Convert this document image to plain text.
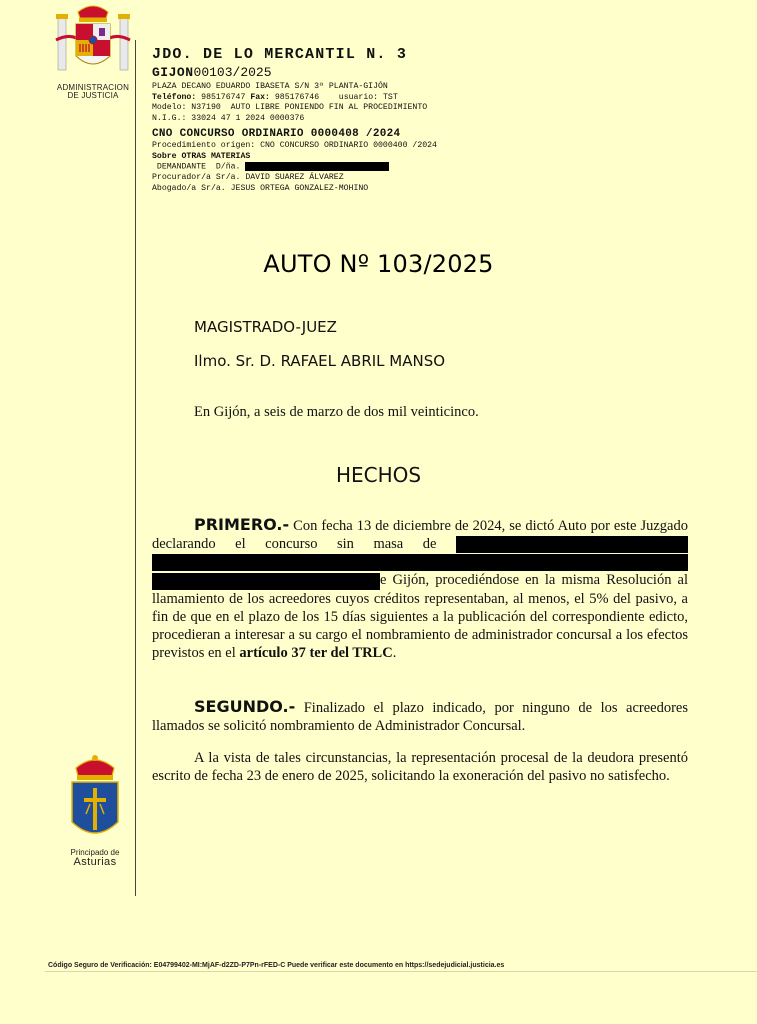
ADMINISTRACION
DE JUSTICIA
Principado de
Asturias
JDO. DE LO MERCANTIL N. 3
GIJON00103/2025
PLAZA DECANO EDUARDO IBASETA S/N 3ª PLANTA-GIJÓN
Teléfono: 985176747 Fax: 985176746 usuario: TST
Modelo: N37190  AUTO LIBRE PONIENDO FIN AL PROCEDIMIENTO
N.I.G.: 33024 47 1 2024 0000376
CNO CONCURSO ORDINARIO 0000408 /2024
Procedimiento origen: CNO CONCURSO ORDINARIO 0000400 /2024
Sobre OTRAS MATERIAS
DEMANDANTE  D/ña.
Procurador/a Sr/a. DAVID SUAREZ ÁLVAREZ
Abogado/a Sr/a. JESUS ORTEGA GONZALEZ-MOHINO
AUTO Nº 103/2025
MAGISTRADO-JUEZ
Ilmo. Sr. D. RAFAEL ABRIL MANSO
En Gijón, a seis de marzo de dos mil veinticinco.
HECHOS
PRIMERO.- Con fecha 13 de diciembre de 2024, se dictó Auto por este Juzgado declarando el concurso sin masa de e Gijón, procediéndose en la misma Resolución al llamamiento de los acreedores cuyos créditos representaban, al menos, el 5% del pasivo, a fin de que en el plazo de los 15 días siguientes a la publicación del correspondiente edicto, procedieran a interesar a su cargo el nombramiento de administrador concursal a los efectos previstos en el artículo 37 ter del TRLC.
SEGUNDO.- Finalizado el plazo indicado, por ninguno de los acreedores llamados se solicitó nombramiento de Administrador Concursal.
A la vista de tales circunstancias, la representación procesal de la deudora presentó escrito de fecha 23 de enero de 2025, solicitando la exoneración del pasivo no satisfecho.
Código Seguro de Verificación: E04799402-MI:MjAF-d2ZD-P7Pn-rFED-C Puede verificar este documento en https://sedejudicial.justicia.es
